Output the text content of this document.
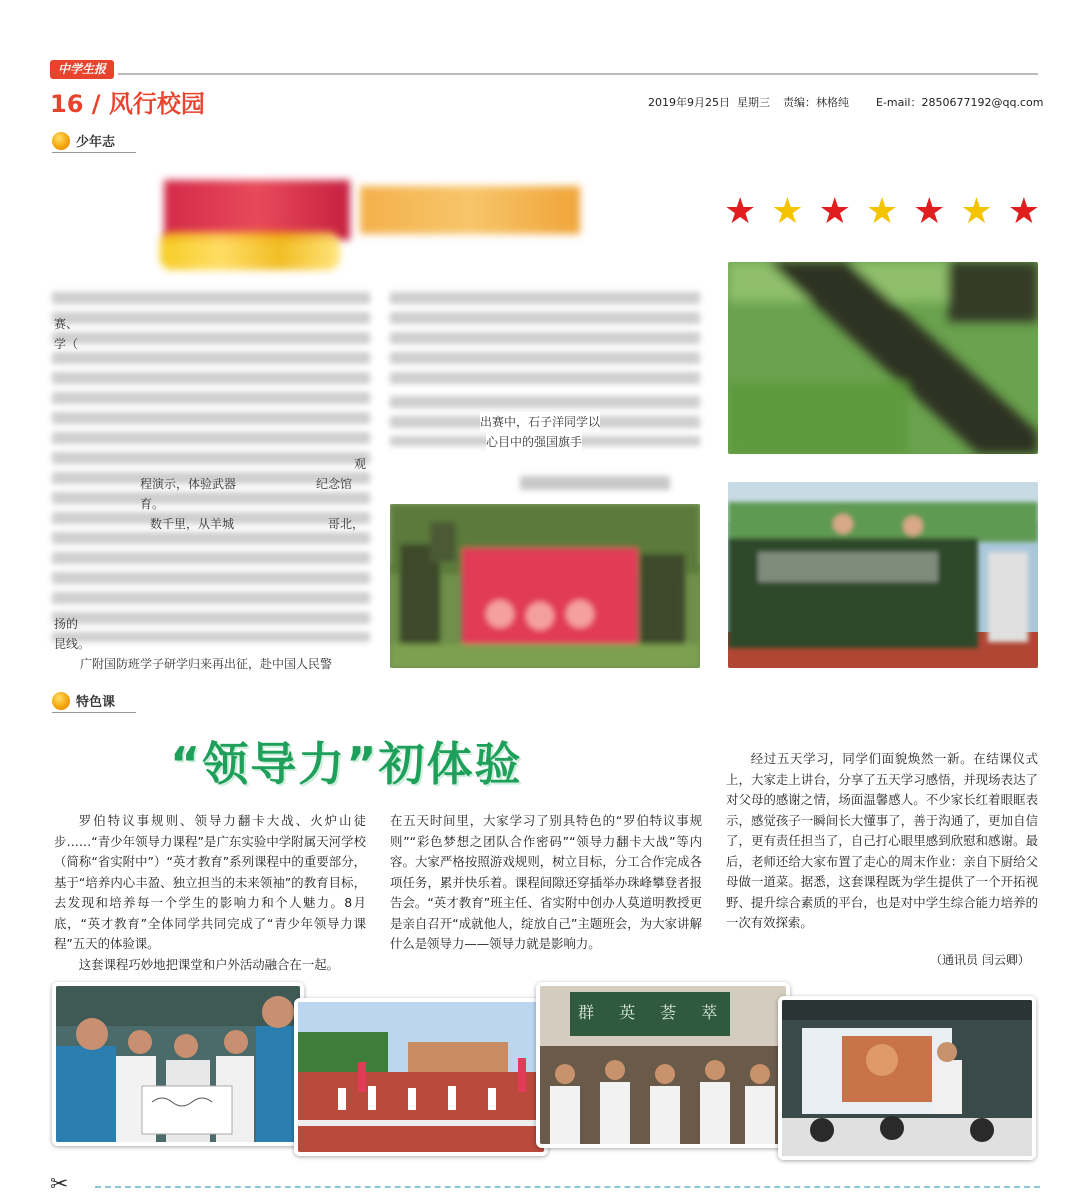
中学生报
16 / 风行校园	2019年9月25日 星期三 责编：林格纯 E-mail：2850677192@qq.com
少年志
★ ★ ★ ★ ★ ★ ★
赛、
学（
观
程演示，体验武器	纪念馆
育。
数千里，从羊城	哥北，
扬的
昆线。
广附国防班学子研学归来再出征，赴中国人民警
出赛中，石子洋同学以
心目中的强国旗手
特色课
“领导力”初体验

罗伯特议事规则、领导力翻卡大战、火炉山徒步……“青少年领导力课程”是广东实验中学附属天河学校（简称“省实附中”）“英才教育”系列课程中的重要部分，基于“培养内心丰盈、独立担当的未来领袖”的教育目标，去发现和培养每一个学生的影响力和个人魅力。8月底，“英才教育”全体同学共同完成了“青少年领导力课程”五天的体验课。

这套课程巧妙地把课堂和户外活动融合在一起。

在五天时间里，大家学习了别具特色的“罗伯特议事规则”“彩色梦想之团队合作密码”“领导力翻卡大战”等内容。大家严格按照游戏规则，树立目标，分工合作完成各项任务，累并快乐着。课程间隙还穿插举办珠峰攀登者报告会。“英才教育”班主任、省实附中创办人莫道明教授更是亲自召开“成就他人，绽放自己”主题班会，为大家讲解什么是领导力——领导力就是影响力。

经过五天学习，同学们面貌焕然一新。在结课仪式上，大家走上讲台，分享了五天学习感悟，并现场表达了对父母的感谢之情，场面温馨感人。不少家长红着眼眶表示，感觉孩子一瞬间长大懂事了，善于沟通了，更加自信了，更有责任担当了，自己打心眼里感到欣慰和感谢。最后，老师还给大家布置了走心的周末作业：亲自下厨给父母做一道菜。据悉，这套课程既为学生提供了一个开拓视野、提升综合素质的平台，也是对中学生综合能力培养的一次有效探索。

（通讯员 闫云卿）
群 英 荟 萃
✂
